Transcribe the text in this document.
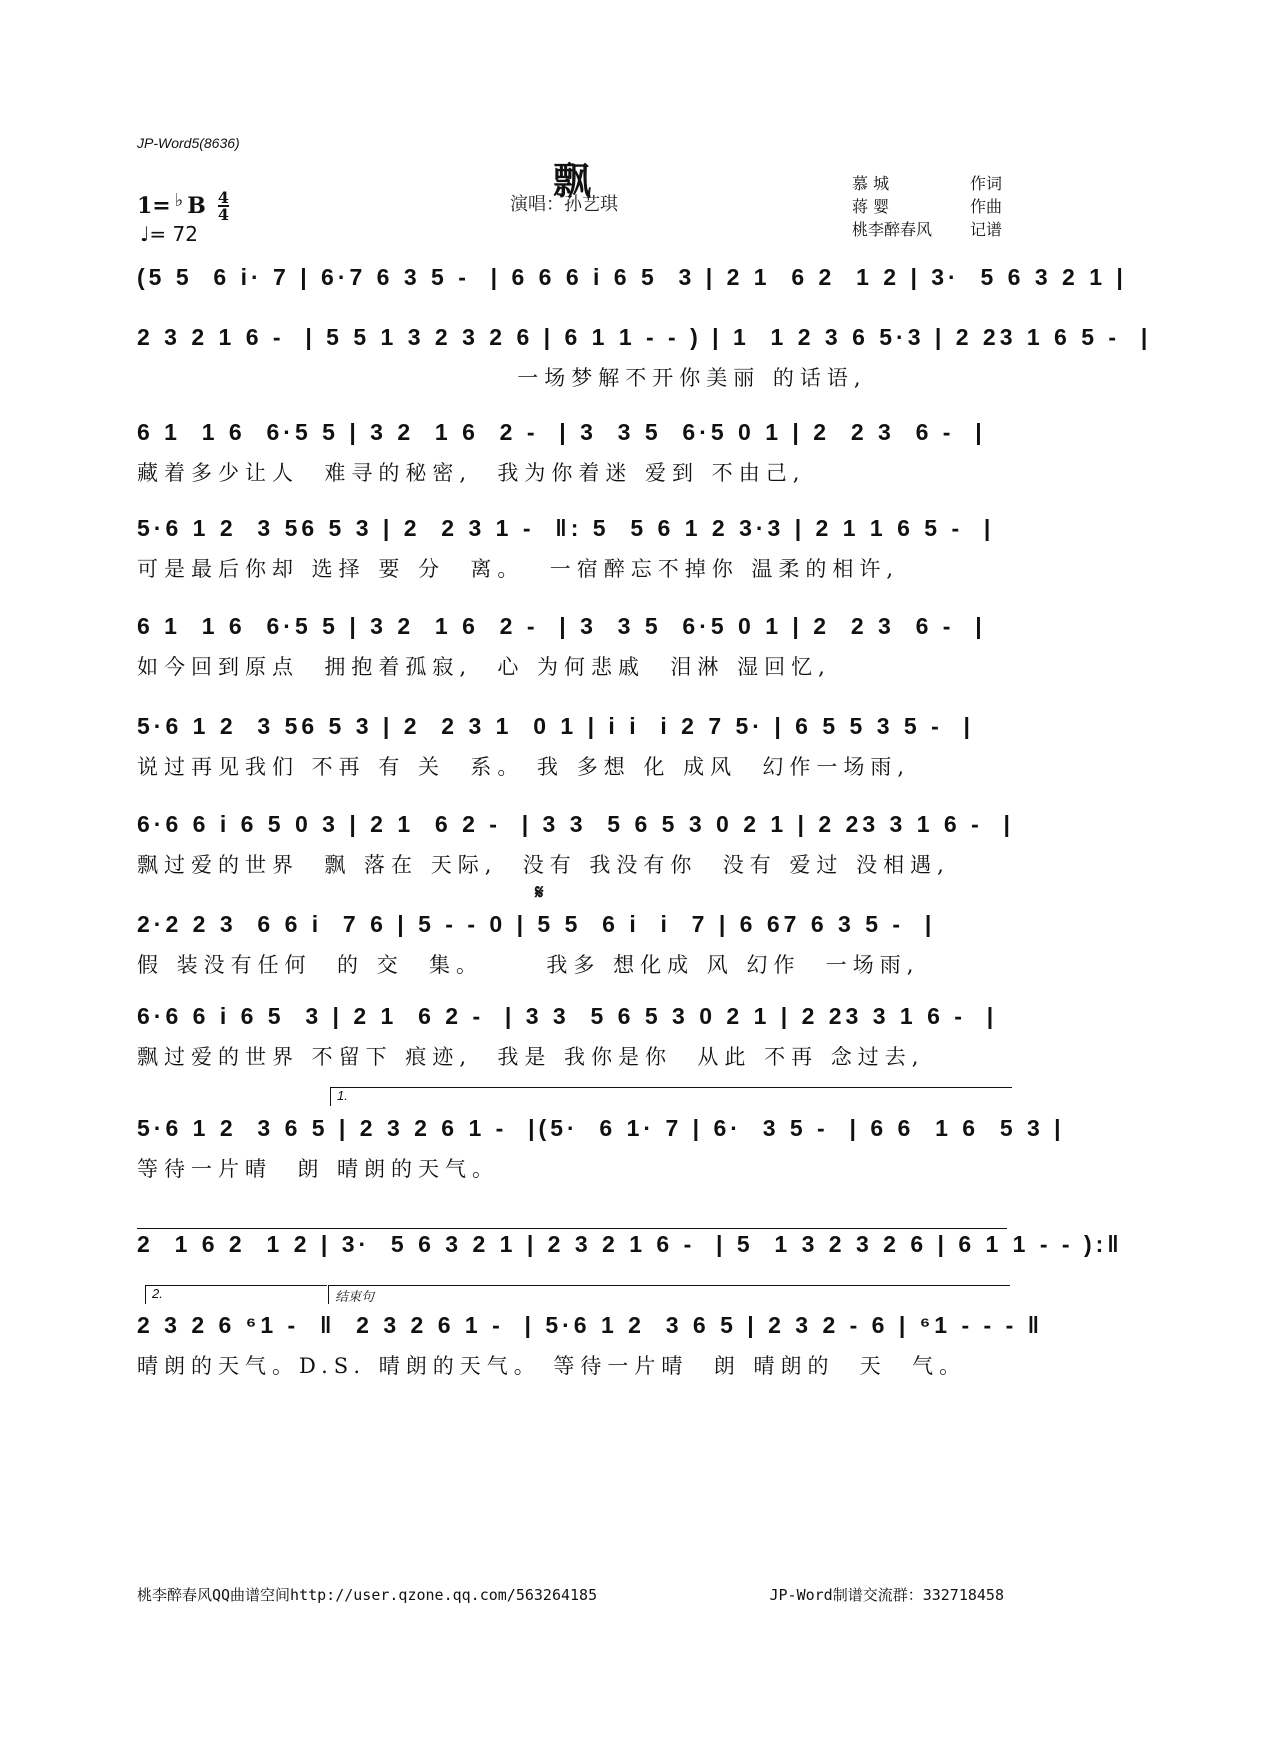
JP-Word5(8636)
飘
演唱：孙艺琪
1= ♭ B $\frac{4}{4}$
♩= 72
慕 城	作词
蒋 婴	作曲
桃李醉春风 记谱
(5 5  6 i· 7 | 6·7 6 3 5 -  | 6 6 6 i 6 5  3 | 2 1  6 2  1 2 | 3·  5 6 3 2 1 |
2 3 2 1 6 -  | 5 5 1 3 2 3 2 6 | 6 1 1 - - ) | 1  1 2 3 6 5·3 | 2 23 1 6 5 -  |
一场梦解不开你美丽 的话语,
6 1  1 6  6·5 5 | 3 2  1 6  2 -  | 3  3 5  6·5 0 1 | 2  2 3  6 -  |
藏着多少让人  难寻的秘密,  我为你着迷 爱到 不由己,
5·6 1 2  3 56 5 3 | 2  2 3 1 -  ‖: 5  5 6 1 2 3·3 | 2 1 1 6 5 -  |
可是最后你却 选择 要 分  离。  一宿醉忘不掉你 温柔的相许,
6 1  1 6  6·5 5 | 3 2  1 6  2 -  | 3  3 5  6·5 0 1 | 2  2 3  6 -  |
如今回到原点  拥抱着孤寂,  心 为何悲戚  泪淋 湿回忆,
5·6 1 2  3 56 5 3 | 2  2 3 1  0 1 | i i  i 2 7 5· | 6 5 5 3 5 -  |
说过再见我们 不再 有 关  系。 我 多想 化 成风  幻作一场雨,
6·6 6 i 6 5 0 3 | 2 1  6 2 -  | 3 3  5 6 5 3 0 2 1 | 2 23 3 1 6 -  |
飘过爱的世界  飘 落在 天际,  没有 我没有你  没有 爱过 没相遇,
𝄋
2·2 2 3  6 6 i  7 6 | 5 - - 0 | 5 5  6 i  i  7 | 6 67 6 3 5 -  |
假 装没有任何  的 交  集。     我多 想化成 风 幻作  一场雨,
6·6 6 i 6 5  3 | 2 1  6 2 -  | 3 3  5 6 5 3 0 2 1 | 2 23 3 1 6 -  |
飘过爱的世界 不留下 痕迹,  我是 我你是你  从此 不再 念过去,
1.
5·6 1 2  3 6 5 | 2 3 2 6 1 -  |(5·  6 1· 7 | 6·  3 5 -  | 6 6  1 6  5 3 |
等待一片晴  朗 晴朗的天气。
2  1 6 2  1 2 | 3·  5 6 3 2 1 | 2 3 2 1 6 -  | 5  1 3 2 3 2 6 | 6 1 1 - - ):‖
2.	结束句
2 3 2 6 ⁶1 -  ‖  2 3 2 6 1 -  | 5·6 1 2  3 6 5 | 2 3 2 - 6 | ⁶1 - - - ‖
晴朗的天气。D.S. 晴朗的天气。 等待一片晴  朗 晴朗的  天  气。
桃李醉春风QQ曲谱空间http://user.qzone.qq.com/563264185	JP-Word制谱交流群：332718458
